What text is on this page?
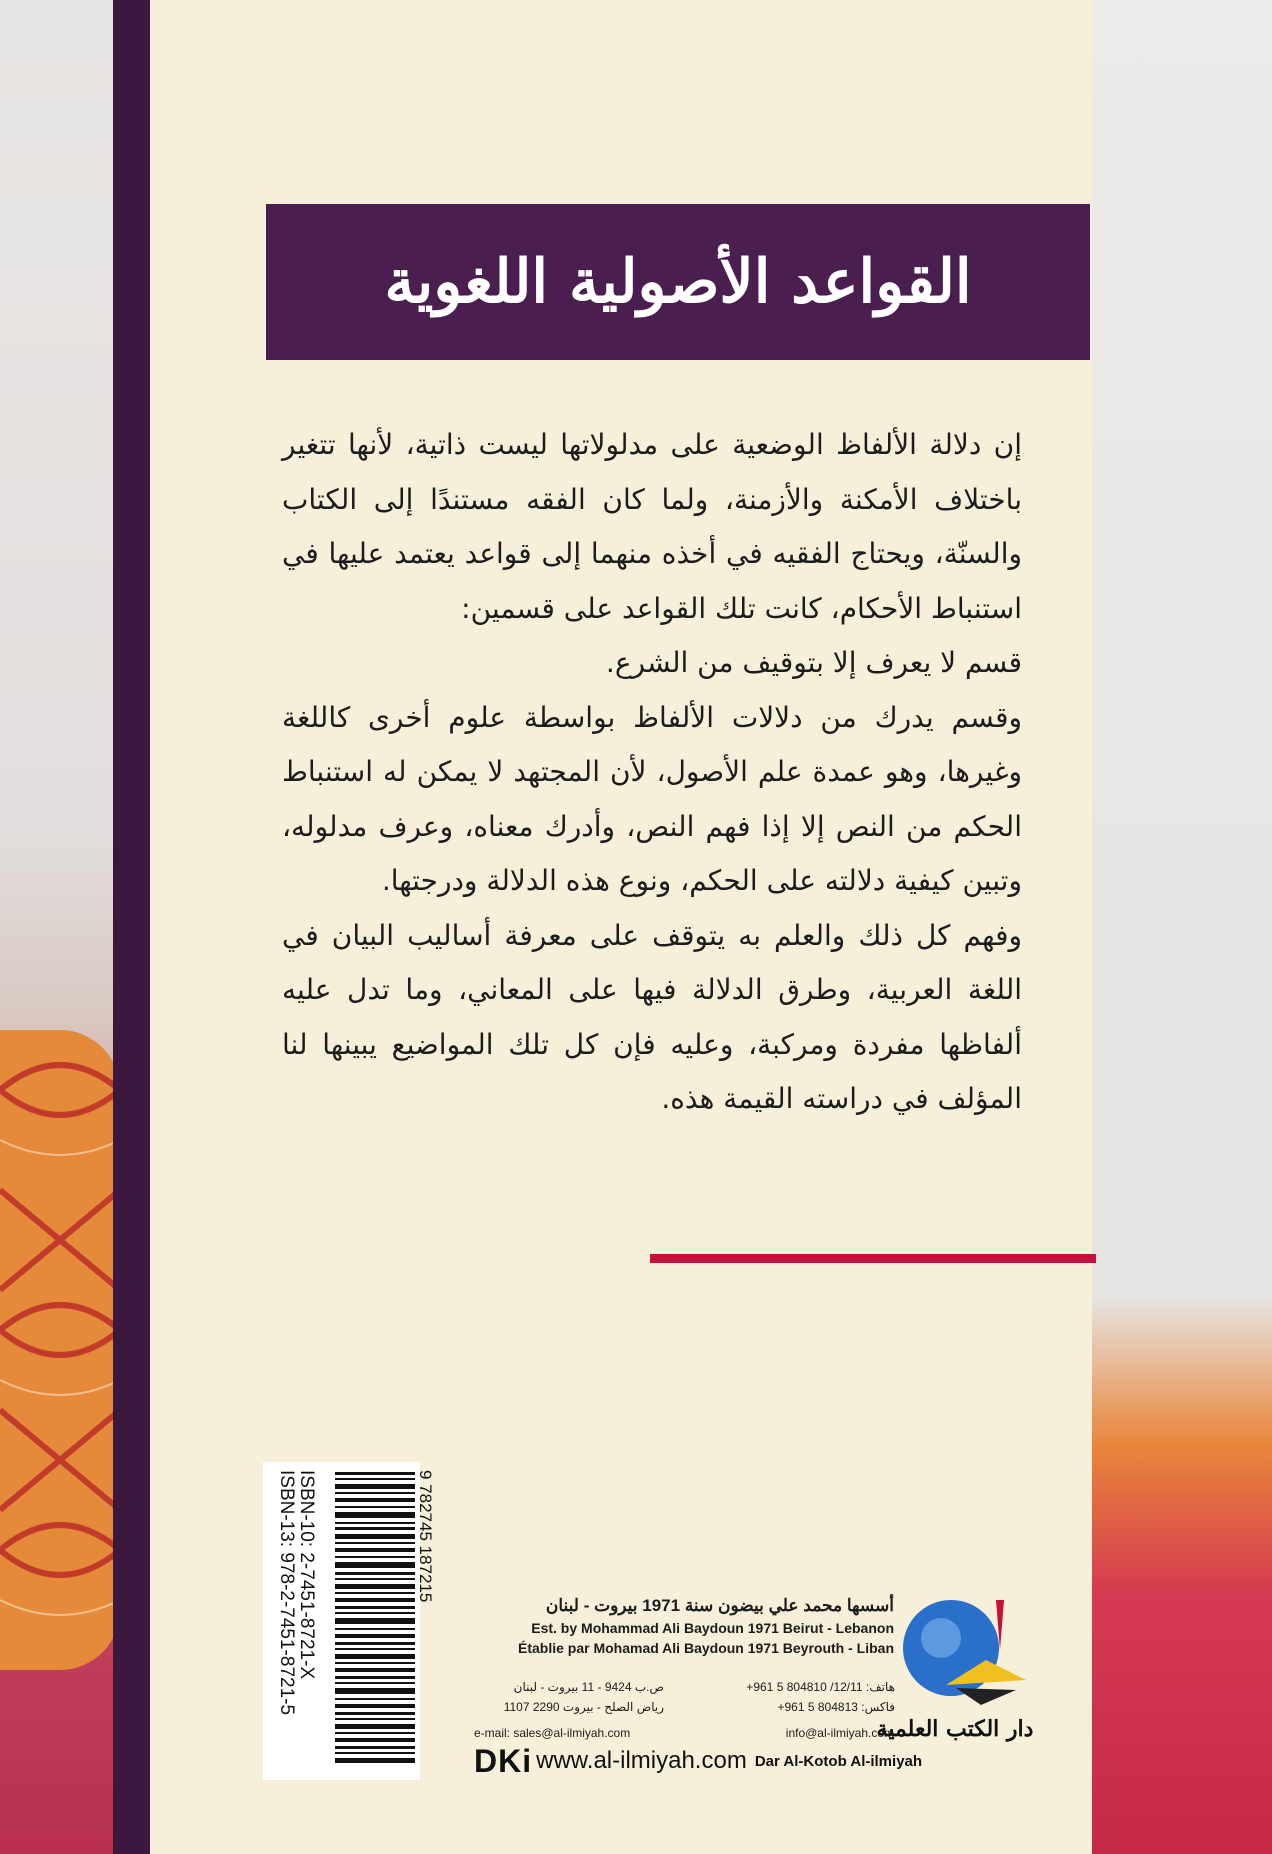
القواعد الأصولية اللغوية

إن دلالة الألفاظ الوضعية على مدلولاتها ليست ذاتية، لأنها تتغير باختلاف الأمكنة والأزمنة، ولما كان الفقه مستندًا إلى الكتاب والسنّة، ويحتاج الفقيه في أخذه منهما إلى قواعد يعتمد عليها في استنباط الأحكام، كانت تلك القواعد على قسمين:

قسم لا يعرف إلا بتوقيف من الشرع.

وقسم يدرك من دلالات الألفاظ بواسطة علوم أخرى كاللغة وغيرها، وهو عمدة علم الأصول، لأن المجتهد لا يمكن له استنباط الحكم من النص إلا إذا فهم النص، وأدرك معناه، وعرف مدلوله، وتبين كيفية دلالته على الحكم، ونوع هذه الدلالة ودرجتها.

وفهم كل ذلك والعلم به يتوقف على معرفة أساليب البيان في اللغة العربية، وطرق الدلالة فيها على المعاني، وما تدل عليه ألفاظها مفردة ومركبة، وعليه فإن كل تلك المواضيع يبينها لنا المؤلف في دراسته القيمة هذه.

ISBN-13: 978-2-7451-8721-5 ISBN-10: 2-7451-8721-X	9 782745 187215
أسسها محمد علي بيضون سنة 1971 بيروت - لبنان
Est. by Mohammad Ali Baydoun 1971 Beirut - Lebanon
Établie par Mohamad Ali Baydoun 1971 Beyrouth - Liban
هاتف: 12/11/ 804810 5 961+
فاكس: 804813 5 961+
ص.ب 9424 - 11 بيروت - لبنان
رياض الصلح - بيروت 2290 1107
e-mail: sales@al-ilmiyah.com	info@al-ilmiyah.com
DKi www.al-ilmiyah.com Dar Al-Kotob Al-ilmiyah
دار الكتب العلمية
